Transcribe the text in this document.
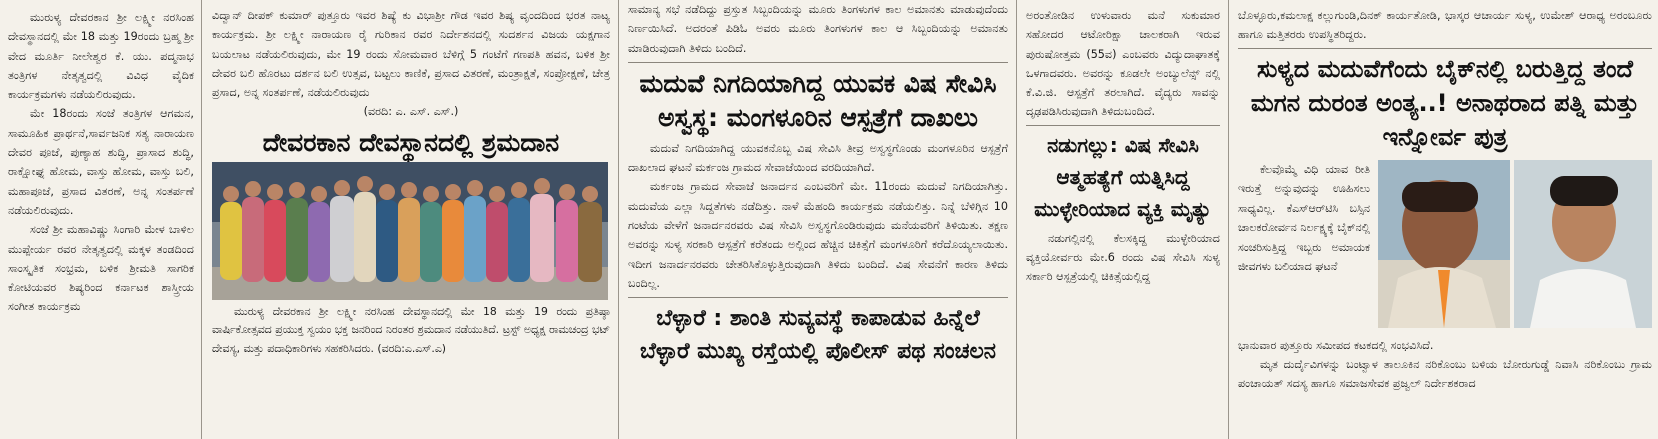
ಮುರುಳ್ಯ ದೇವರಕಾನ ಶ್ರೀ ಲಕ್ಷ್ಮೀ ನರಸಿಂಹ ದೇವಸ್ಥಾನದಲ್ಲಿ ಮೇ 18 ಮತ್ತು 19ರಂದು ಬ್ರಹ್ಮ ಶ್ರೀ ವೇದ ಮೂರ್ತಿ ನೀಲೇಶ್ವರ ಕೆ. ಯು. ಪದ್ಮನಾಭ ತಂತ್ರಿಗಳ ನೇತೃತ್ವದಲ್ಲಿ ವಿವಿಧ ವೈದಿಕ ಕಾರ್ಯಕ್ರಮಗಳು ನಡೆಯಲಿರುವುದು.

ಮೇ 18ರಂದು ಸಂಜೆ ತಂತ್ರಿಗಳ ಆಗಮನ, ಸಾಮೂಹಿಕ ಪ್ರಾರ್ಥನೆ,ಸಾರ್ವಜನಿಕ ಸತ್ಯ ನಾರಾಯಣ ದೇವರ ಪೂಜೆ, ಪುಣ್ಯಾಹ ಶುದ್ಧಿ, ಪ್ರಾಸಾದ ಶುದ್ಧಿ, ರಾಕ್ಷೋಘ್ನ ಹೋಮ, ವಾಸ್ತು ಹೋಮ, ವಾಸ್ತು ಬಲಿ, ಮಹಾಪೂಜೆ, ಪ್ರಸಾದ ವಿತರಣೆ, ಅನ್ನ ಸಂತರ್ಪಣೆ ನಡೆಯಲಿರುವುದು.

ಸಂಜೆ ಶ್ರೀ ಮಹಾವಿಷ್ಣು ಸಿಂಗಾರಿ ಮೇಳ ಬಾಳಿಲ ಮುಪ್ಪೇರ್ಯ ರವರ ನೇತೃತ್ವದಲ್ಲಿ ಮಕ್ಕಳ ತಂಡದಿಂದ ಸಾಂಸ್ಕೃತಿಕ ಸಂಭ್ರಮ, ಬಳಿಕ ಶ್ರೀಮತಿ ಸಾಗರಿಕ ಕೋಟಿಯವರ ಶಿಷ್ಯರಿಂದ ಕರ್ನಾಟಕ ಶಾಸ್ತ್ರೀಯ ಸಂಗೀತ ಕಾರ್ಯಕ್ರಮ

ವಿದ್ವಾನ್ ದೀಪಕ್ ಕುಮಾರ್ ಪುತ್ತೂರು ಇವರ ಶಿಷ್ಯೆ ಕು ವಿಭಾಶ್ರೀ ಗೌಡ ಇವರ ಶಿಷ್ಯ ವೃಂದದಿಂದ ಭರತ ನಾಟ್ಯ ಕಾರ್ಯಕ್ರಮ. ಶ್ರೀ ಲಕ್ಷ್ಮೀ ನಾರಾಯಣ ರೈ ಗುರಿಕಾನ ರವರ ನಿರ್ದೇಶನದಲ್ಲಿ ಸುದರ್ಶನ ವಿಜಯ ಯಕ್ಷಗಾನ ಬಯಲಾಟ ನಡೆಯಲಿರುವುದು, ಮೇ 19 ರಂದು ಸೋಮವಾರ ಬೆಳಿಗ್ಗೆ 5 ಗಂಟೆಗೆ ಗಣಪತಿ ಹವನ, ಬಳಿಕ ಶ್ರೀ ದೇವರ ಬಲಿ ಹೊರಟು ದರ್ಶನ ಬಲಿ ಉತ್ಸವ, ಬಟ್ಟಲು ಕಾಣಿಕೆ, ಪ್ರಸಾದ ವಿತರಣೆ, ಮಂತ್ರಾಕ್ಷತೆ, ಸಂಪ್ರೋಕ್ಷಣೆ, ಚೇತ್ರ ಪ್ರಸಾದ, ಅನ್ನ ಸಂತರ್ಪಣೆ, ನಡೆಯಲಿರುವುದು

(ವರದಿ: ಎ. ಎಸ್. ಎಸ್.)

ದೇವರಕಾನ ದೇವಸ್ಥಾನದಲ್ಲಿ ಶ್ರಮದಾನ

ಮುರುಳ್ಯ ದೇವರಕಾನ ಶ್ರೀ ಲಕ್ಷ್ಮೀ ನರಸಿಂಹ ದೇವಸ್ಥಾನದಲ್ಲಿ ಮೇ 18 ಮತ್ತು 19 ರಂದು ಪ್ರತಿಷ್ಠಾ ವಾರ್ಷಿಕೋತ್ಸವದ ಪ್ರಯುಕ್ತ ಸ್ವಯಂ ಭಕ್ತ ಜನರಿಂದ ನಿರಂತರ ಶ್ರಮದಾನ ನಡೆಯುತಿದೆ. ಟ್ರಸ್ಟ್ ಅಧ್ಯಕ್ಷ ರಾಮಚಂದ್ರ ಭಟ್ ದೇವಸ್ಯ, ಮತ್ತು ಪದಾಧಿಕಾರಿಗಳು ಸಹಕರಿಸಿದರು. (ವರದಿ:ಎ.ಎಸ್.ಎ)

ಸಾಮಾನ್ಯ ಸಭೆ ನಡೆದಿದ್ದು ಪ್ರಸ್ತುತ ಸಿಬ್ಬಂದಿಯನ್ನು ಮೂರು ತಿಂಗಳುಗಳ ಕಾಲ ಅಮಾನತು ಮಾಡುವುದೆಂದು ನಿರ್ಣಯಿಸಿದೆ. ಅದರಂತೆ ಪಿಡಿಓ ಅವರು ಮೂರು ತಿಂಗಳುಗಳ ಕಾಲ ಆ ಸಿಬ್ಬಂದಿಯನ್ನು ಅಮಾನತು ಮಾಡಿರುವುದಾಗಿ ತಿಳಿದು ಬಂದಿದೆ.

ಮದುವೆ ನಿಗದಿಯಾಗಿದ್ದ ಯುವಕ ವಿಷ ಸೇವಿಸಿ ಅಸ್ವಸ್ಥ: ಮಂಗಳೂರಿನ ಆಸ್ಪತ್ರೆಗೆ ದಾಖಲು

ಮದುವೆ ನಿಗದಿಯಾಗಿದ್ದ ಯುವಕನೊಬ್ಬ ವಿಷ ಸೇವಿಸಿ ತೀವ್ರ ಅಸ್ವಸ್ಥಗೊಂಡು ಮಂಗಳೂರಿನ ಆಸ್ಪತ್ರೆಗೆ ದಾಖಲಾದ ಘಟನೆ ಮರ್ಕಂಜ ಗ್ರಾಮದ ಸೇವಾಜೆಯಿಂದ ವರದಿಯಾಗಿದೆ.

ಮರ್ಕಂಜ ಗ್ರಾಮದ ಸೇವಾಜೆ ಜನಾರ್ದನ ಎಂಬವರಿಗೆ ಮೇ. 11ರಂದು ಮದುವೆ ನಿಗದಿಯಾಗಿತ್ತು. ಮದುವೆಯ ಎಲ್ಲಾ ಸಿದ್ದತೆಗಳು ನಡೆದಿತ್ತು. ನಾಳೆ ಮೆಹಂದಿ ಕಾರ್ಯಕ್ರಮ ನಡೆಯಲಿತ್ತು. ನಿನ್ನೆ ಬೆಳಿಗ್ಗಿನ 10 ಗಂಟೆಯ ವೇಳೆಗೆ ಜನಾರ್ದನರವರು ವಿಷ ಸೇವಿಸಿ ಅಸ್ವಸ್ಥಗೊಂಡಿರುವುದು ಮನೆಯವರಿಗೆ ತಿಳಿಯಿತು. ತಕ್ಷಣ ಅವರನ್ನು ಸುಳ್ಯ ಸರಕಾರಿ ಆಸ್ಪತ್ರೆಗೆ ಕರೆತಂದು ಅಲ್ಲಿಂದ ಹೆಚ್ಚಿನ ಚಿಕಿತ್ಸೆಗೆ ಮಂಗಳೂರಿಗೆ ಕರೆದೊಯ್ಯಲಾಯಿತು. ಇದೀಗ ಜನಾರ್ದನರವರು ಚೇತರಿಸಿಕೊಳ್ಳುತ್ತಿರುವುದಾಗಿ ತಿಳಿದು ಬಂದಿದೆ. ವಿಷ ಸೇವನೆಗೆ ಕಾರಣ ತಿಳಿದು ಬಂದಿಲ್ಲ.

ಬೆಳ್ಳಾರೆ : ಶಾಂತಿ ಸುವ್ಯವಸ್ಥೆ ಕಾಪಾಡುವ ಹಿನ್ನೆಲೆ ಬೆಳ್ಳಾರೆ ಮುಖ್ಯ ರಸ್ತೆಯಲ್ಲಿ ಪೊಲೀಸ್ ಪಥ ಸಂಚಲನ

ಅರಂತೋಡಿನ ಉಳುವಾರು ಮನೆ ಸುಕುಮಾರ ಸಹೋದರ ಆಟೋರಿಕ್ಷಾ ಚಾಲಕರಾಗಿ ಇರುವ ಪುರುಷೋತ್ತಮ (55ವ) ಎಂಬವರು ವಿದ್ಯುದಾಘಾತಕ್ಕೆ ಒಳಗಾದವರು. ಅವರನ್ನು ಕೂಡಲೇ ಅಂಬ್ಯುಲೆನ್ಸ್ ನಲ್ಲಿ ಕೆ.ವಿ.ಜಿ. ಆಸ್ಪತ್ರೆಗೆ ತರಲಾಗಿದೆ. ವೈದ್ಯರು ಸಾವನ್ನು ದೃಢಪಡಿಸಿರುವುದಾಗಿ ತಿಳಿದುಬಂದಿದೆ.

ನಡುಗಲ್ಲು: ವಿಷ ಸೇವಿಸಿ ಆತ್ಮಹತ್ಯೆಗೆ ಯತ್ನಿಸಿದ್ದ ಮುಳ್ಳೇರಿಯಾದ ವ್ಯಕ್ತಿ ಮೃತ್ಯು

ನಡುಗಲ್ಲಿನಲ್ಲಿ ಕೆಲಸಕ್ಕಿದ್ದ ಮುಳ್ಳೇರಿಯಾದ ವ್ಯಕ್ತಿಯೋರ್ವರು ಮೇ.6 ರಂದು ವಿಷ ಸೇವಿಸಿ ಸುಳ್ಯ ಸರ್ಕಾರಿ ಆಸ್ಪತ್ರೆಯಲ್ಲಿ ಚಿಕಿತ್ಸೆಯಲ್ಲಿದ್ದ

ಬೊಳ್ಳೂರು,ಕಮಲಾಕ್ಷ ಕಲ್ಲುಗುಂಡಿ,ದಿನಕ್ ಕಾರ್ಯತೋಡಿ, ಭಾಸ್ಕರ ಆಚಾರ್ಯ ಸುಳ್ಯ, ಉಮೇಶ್ ಆರಾಧ್ಯ ಅರಂಬೂರು ಹಾಗೂ ಮತ್ತಿತರರು ಉಪಸ್ಥಿತರಿದ್ದರು.

ಸುಳ್ಯದ ಮದುವೆಗೆಂದು ಬೈಕ್‌ನಲ್ಲಿ ಬರುತ್ತಿದ್ದ ತಂದೆ ಮಗನ ದುರಂತ ಅಂತ್ಯ..! ಅನಾಥರಾದ ಪತ್ನಿ ಮತ್ತು ಇನ್ನೋರ್ವ ಪುತ್ರ

ಕೆಲವೊಮ್ಮೆ ವಿಧಿ ಯಾವ ರೀತಿ ಇರುತ್ತೆ ಅನ್ನುವುದನ್ನು ಊಹಿಸಲು ಸಾಧ್ಯವಿಲ್ಲ. ಕೆಎಸ್ಆರ್‌ಟಿಸಿ ಬಸ್ಸಿನ ಚಾಲಕರೋರ್ವನ ನಿರ್ಲಕ್ಷ್ಯಕ್ಕೆ ಬೈಕ್‌ನಲ್ಲಿ ಸಂಚರಿಸುತ್ತಿದ್ದ ಇಬ್ಬರು ಅಮಾಯಕ ಜೀವಗಳು ಬಲಿಯಾದ ಘಟನೆ

ಭಾನುವಾರ ಪುತ್ತೂರು ಸಮೀಪದ ಕಟಕದಲ್ಲಿ ಸಂಭವಿಸಿದೆ.

ಮೃತ ದುರ್ದೈವಿಗಳನ್ನು ಬಂಟ್ವಾಳ ತಾಲೂಕಿನ ನರಿಕೊಂಬು ಬಳಿಯ ಬೋರುಗುಡ್ಡೆ ನಿವಾಸಿ ನರಿಕೊಂಬು ಗ್ರಾಮ ಪಂಚಾಯತ್ ಸದಸ್ಯ ಹಾಗೂ ಸಮಾಜಸೇವಕ ಪ್ರಜ್ವಲ್ ನಿರ್ದೇಶಕರಾದ
